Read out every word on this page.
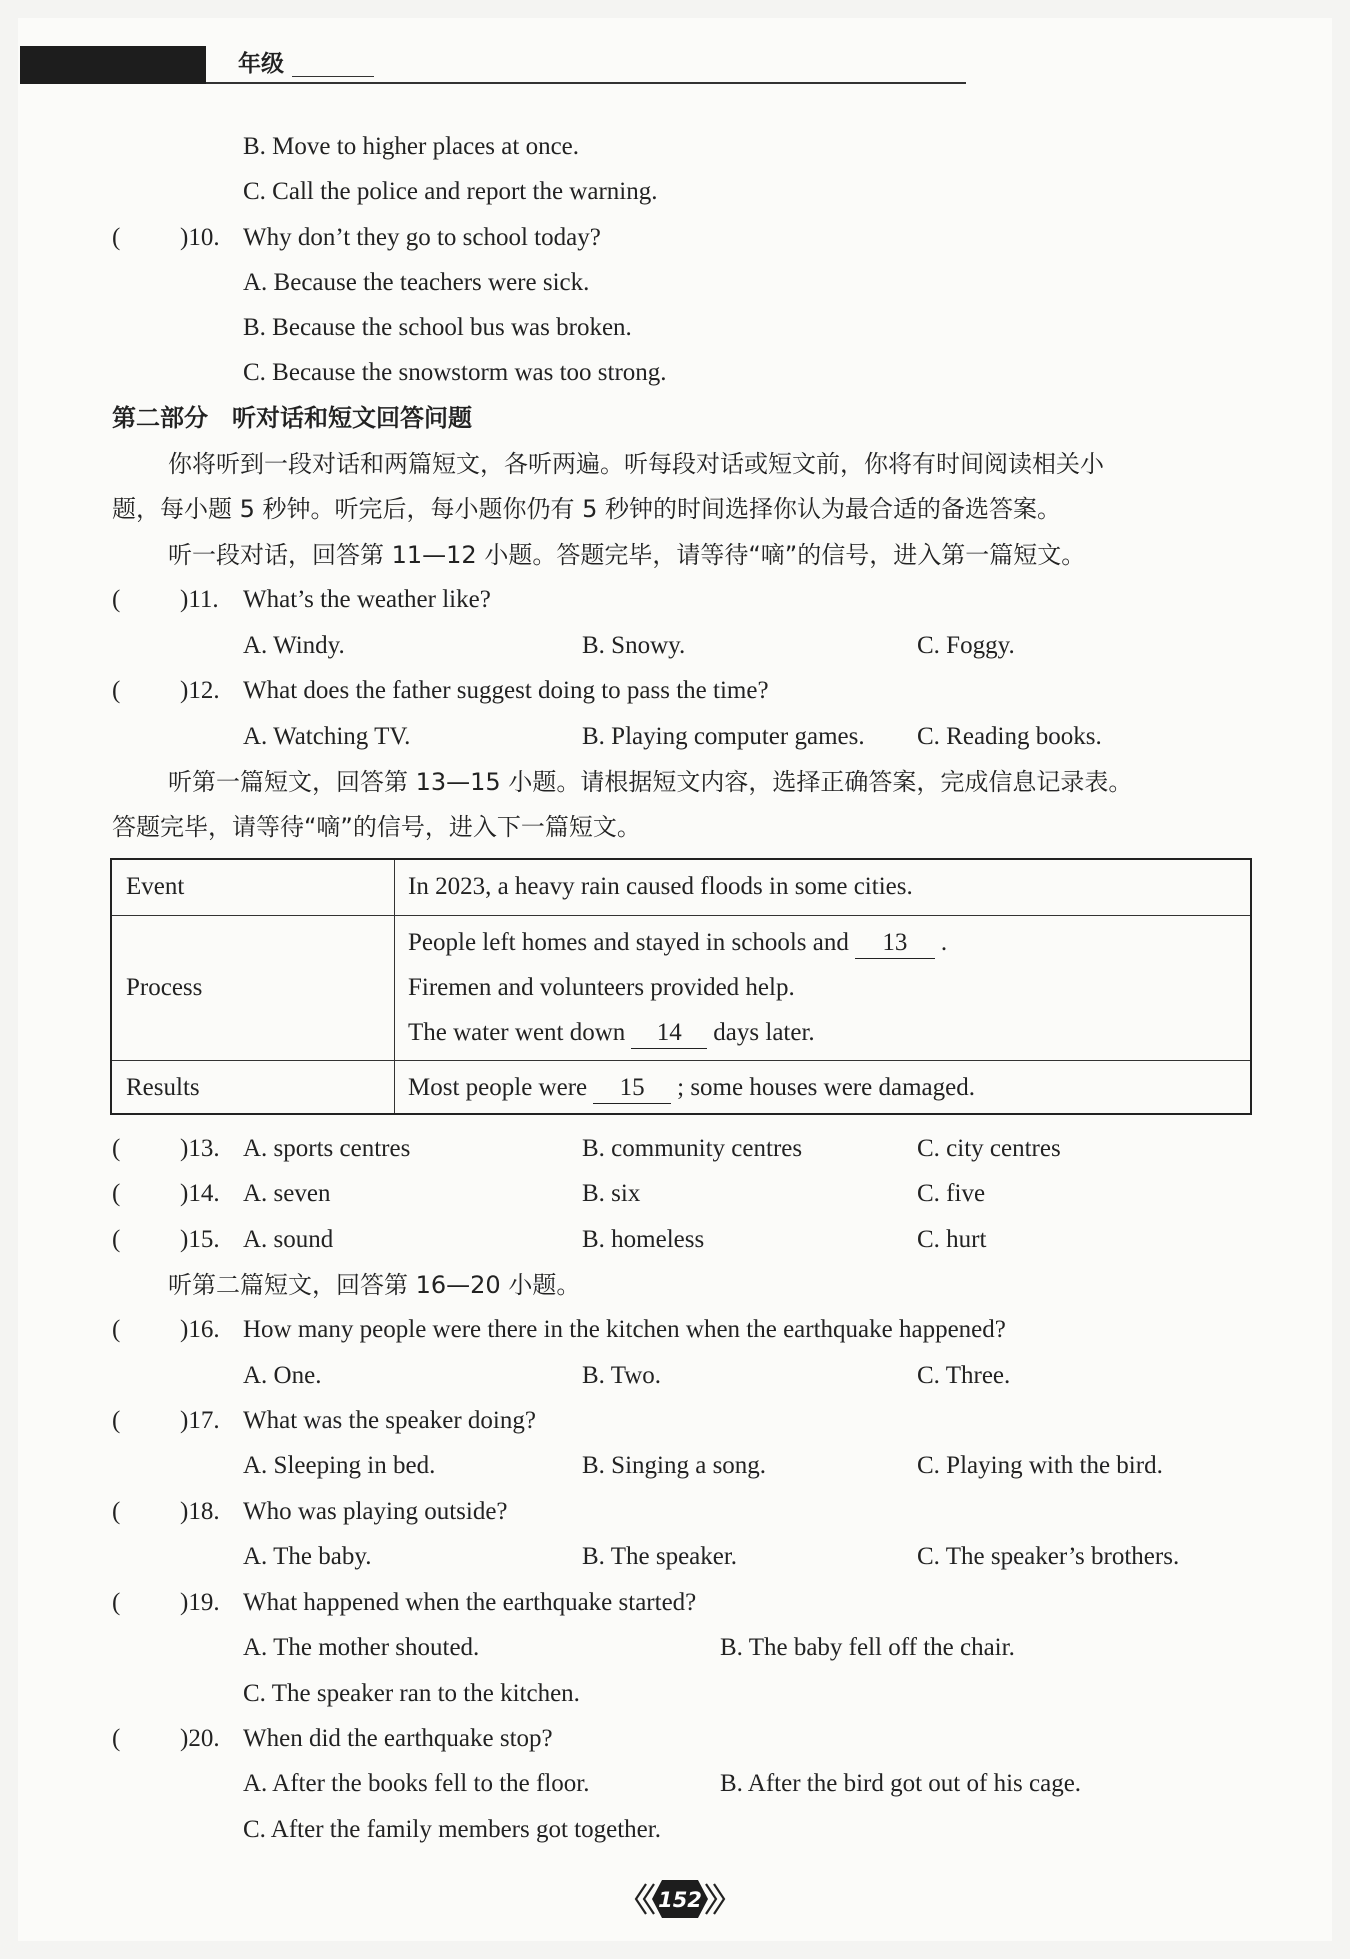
年级
B. Move to higher places at once.
C. Call the police and report the warning.
( )10. Why don’t they go to school today?
A. Because the teachers were sick.
B. Because the school bus was broken.
C. Because the snowstorm was too strong.
第二部分　听对话和短文回答问题
你将听到一段对话和两篇短文，各听两遍。听每段对话或短文前，你将有时间阅读相关小
题，每小题 5 秒钟。听完后，每小题你仍有 5 秒钟的时间选择你认为最合适的备选答案。
听一段对话，回答第 11—12 小题。答题完毕，请等待“嘀”的信号，进入第一篇短文。
( )11. What’s the weather like?
A. Windy.	B. Snowy.	C. Foggy.
( )12. What does the father suggest doing to pass the time?
A. Watching TV.	B. Playing computer games. C. Reading books.
听第一篇短文，回答第 13—15 小题。请根据短文内容，选择正确答案，完成信息记录表。
答题完毕，请等待“嘀”的信号，进入下一篇短文。
Event	In 2023, a heavy rain caused floods in some cities.
Process
People left homes and stayed in schools and 13 .
Firemen and volunteers provided help.
The water went down 14 days later.
Results	Most people were 15 ; some houses were damaged.
( )13. A. sports centres	B. community centres	C. city centres
( )14. A. seven	B. six	C. five
( )15. A. sound	B. homeless	C. hurt
听第二篇短文，回答第 16—20 小题。
( )16. How many people were there in the kitchen when the earthquake happened?
A. One.	B. Two.	C. Three.
( )17. What was the speaker doing?
A. Sleeping in bed.	B. Singing a song.	C. Playing with the bird.
( )18. Who was playing outside?
A. The baby.	B. The speaker.	C. The speaker’s brothers.
( )19. What happened when the earthquake started?
A. The mother shouted.	B. The baby fell off the chair.
C. The speaker ran to the kitchen.
( )20. When did the earthquake stop?
A. After the books fell to the floor.	B. After the bird got out of his cage.
C. After the family members got together.
152
